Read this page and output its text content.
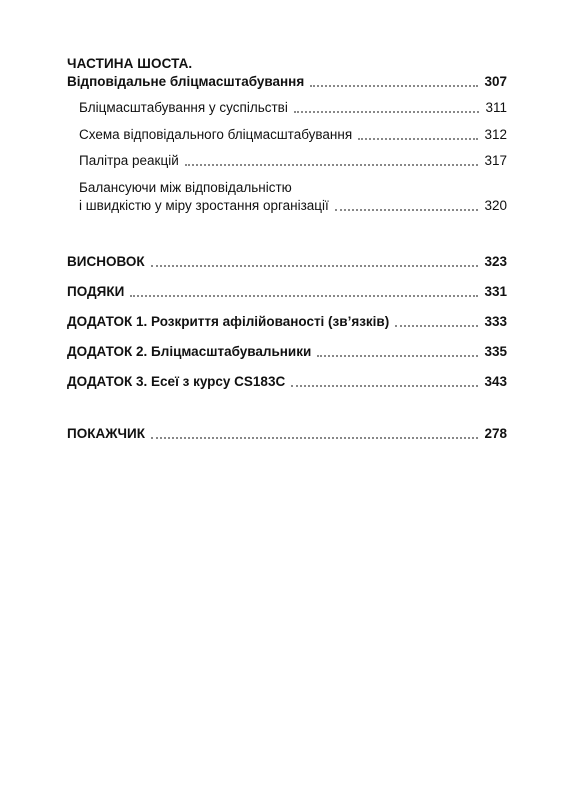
ЧАСТИНА ШОСТА.
Відповідальне бліцмасштабування	307
Бліцмасштабування у суспільстві	311
Схема відповідального бліцмасштабування	312
Палітра реакцій	317
Балансуючи між відповідальністю
і швидкістю у міру зростання організації	320
ВИСНОВОК	323
ПОДЯКИ	331
ДОДАТОК 1. Розкриття афілійованості (зв’язків)	333
ДОДАТОК 2. Бліцмасштабувальники	335
ДОДАТОК 3. Есеї з курсу CS183C	343
ПОКАЖЧИК	278
